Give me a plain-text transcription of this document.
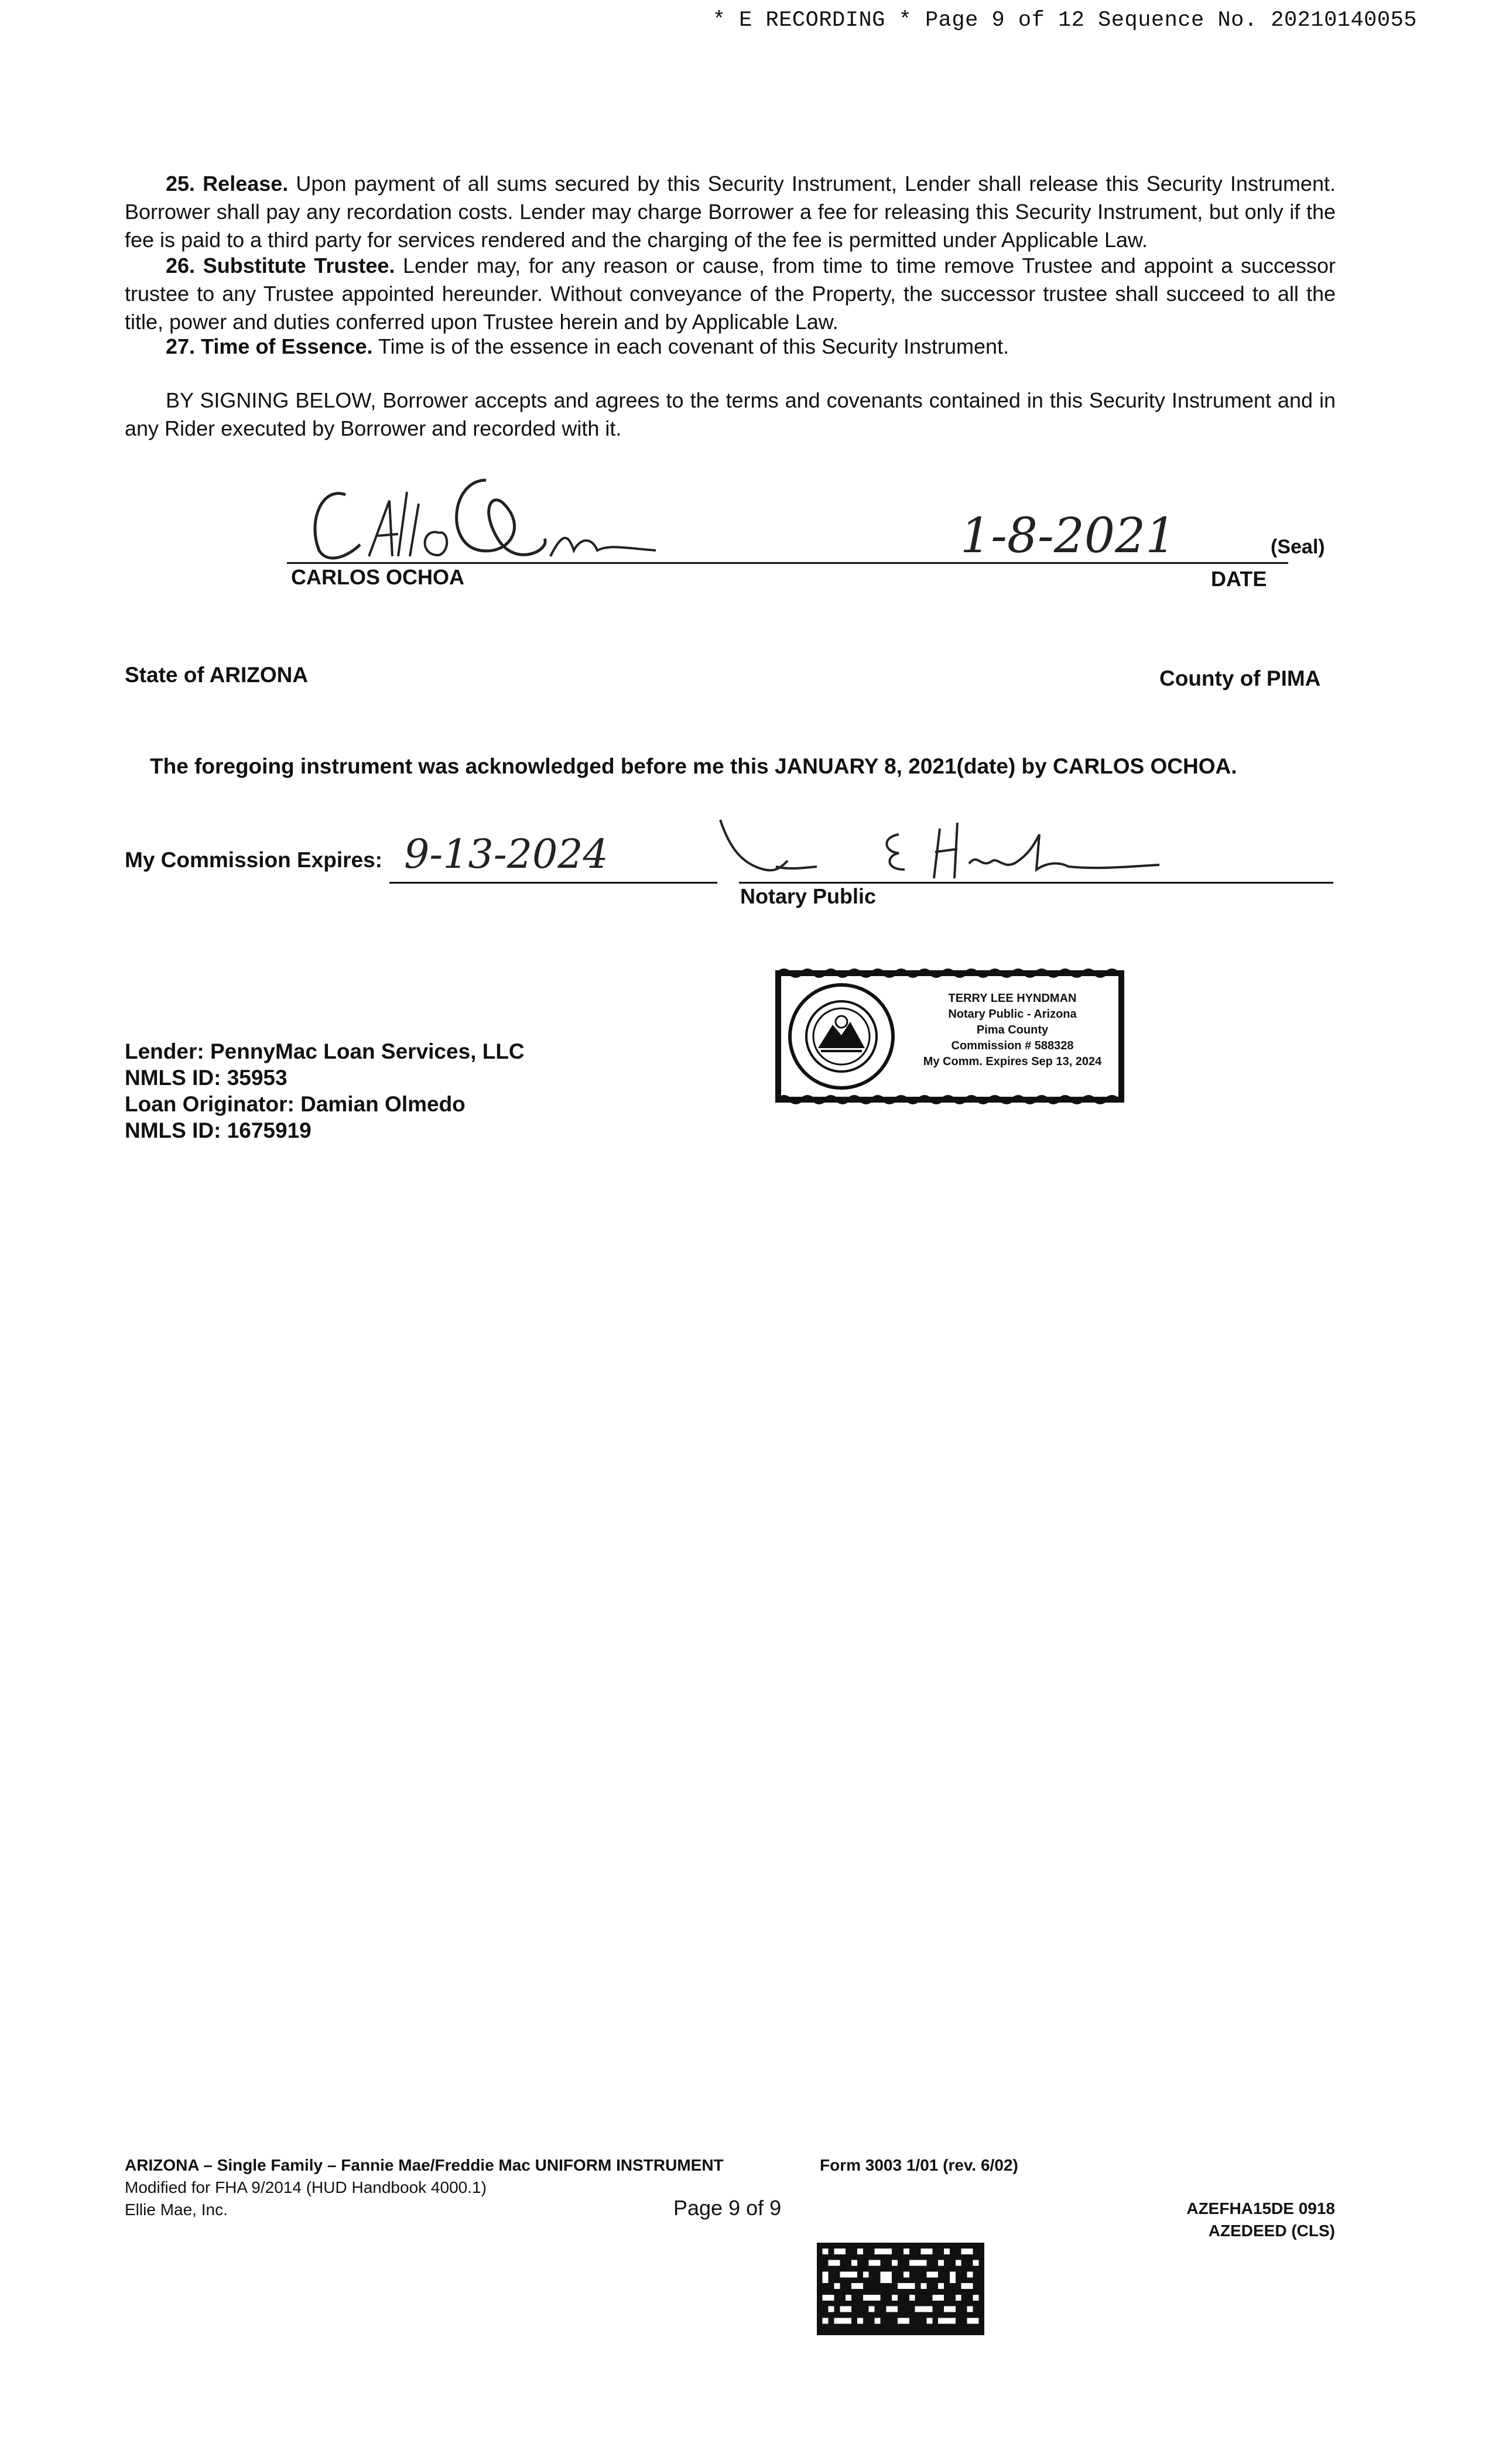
* E RECORDING * Page 9 of 12 Sequence No. 20210140055
25. Release. Upon payment of all sums secured by this Security Instrument, Lender shall release this Security Instrument. Borrower shall pay any recordation costs. Lender may charge Borrower a fee for releasing this Security Instrument, but only if the fee is paid to a third party for services rendered and the charging of the fee is permitted under Applicable Law.
26. Substitute Trustee. Lender may, for any reason or cause, from time to time remove Trustee and appoint a successor trustee to any Trustee appointed hereunder. Without conveyance of the Property, the successor trustee shall succeed to all the title, power and duties conferred upon Trustee herein and by Applicable Law.
27. Time of Essence. Time is of the essence in each covenant of this Security Instrument.
BY SIGNING BELOW, Borrower accepts and agrees to the terms and covenants contained in this Security Instrument and in any Rider executed by Borrower and recorded with it.
1-8-2021
CARLOS OCHOA	DATE
(Seal)
State of ARIZONA	County of PIMA
The foregoing instrument was acknowledged before me this JANUARY 8, 2021(date) by CARLOS OCHOA.
My Commission Expires: 9-13-2024
Notary Public
TERRY LEE HYNDMAN
Notary Public - Arizona
Pima County
Commission # 588328
My Comm. Expires Sep 13, 2024
Lender: PennyMac Loan Services, LLC
NMLS ID: 35953
Loan Originator: Damian Olmedo
NMLS ID: 1675919
ARIZONA – Single Family – Fannie Mae/Freddie Mac UNIFORM INSTRUMENT	Form 3003 1/01 (rev. 6/02)
Modified for FHA 9/2014 (HUD Handbook 4000.1)
Ellie Mae, Inc.	Page 9 of 9	AZEFHA15DE 0918
AZEDEED (CLS)
